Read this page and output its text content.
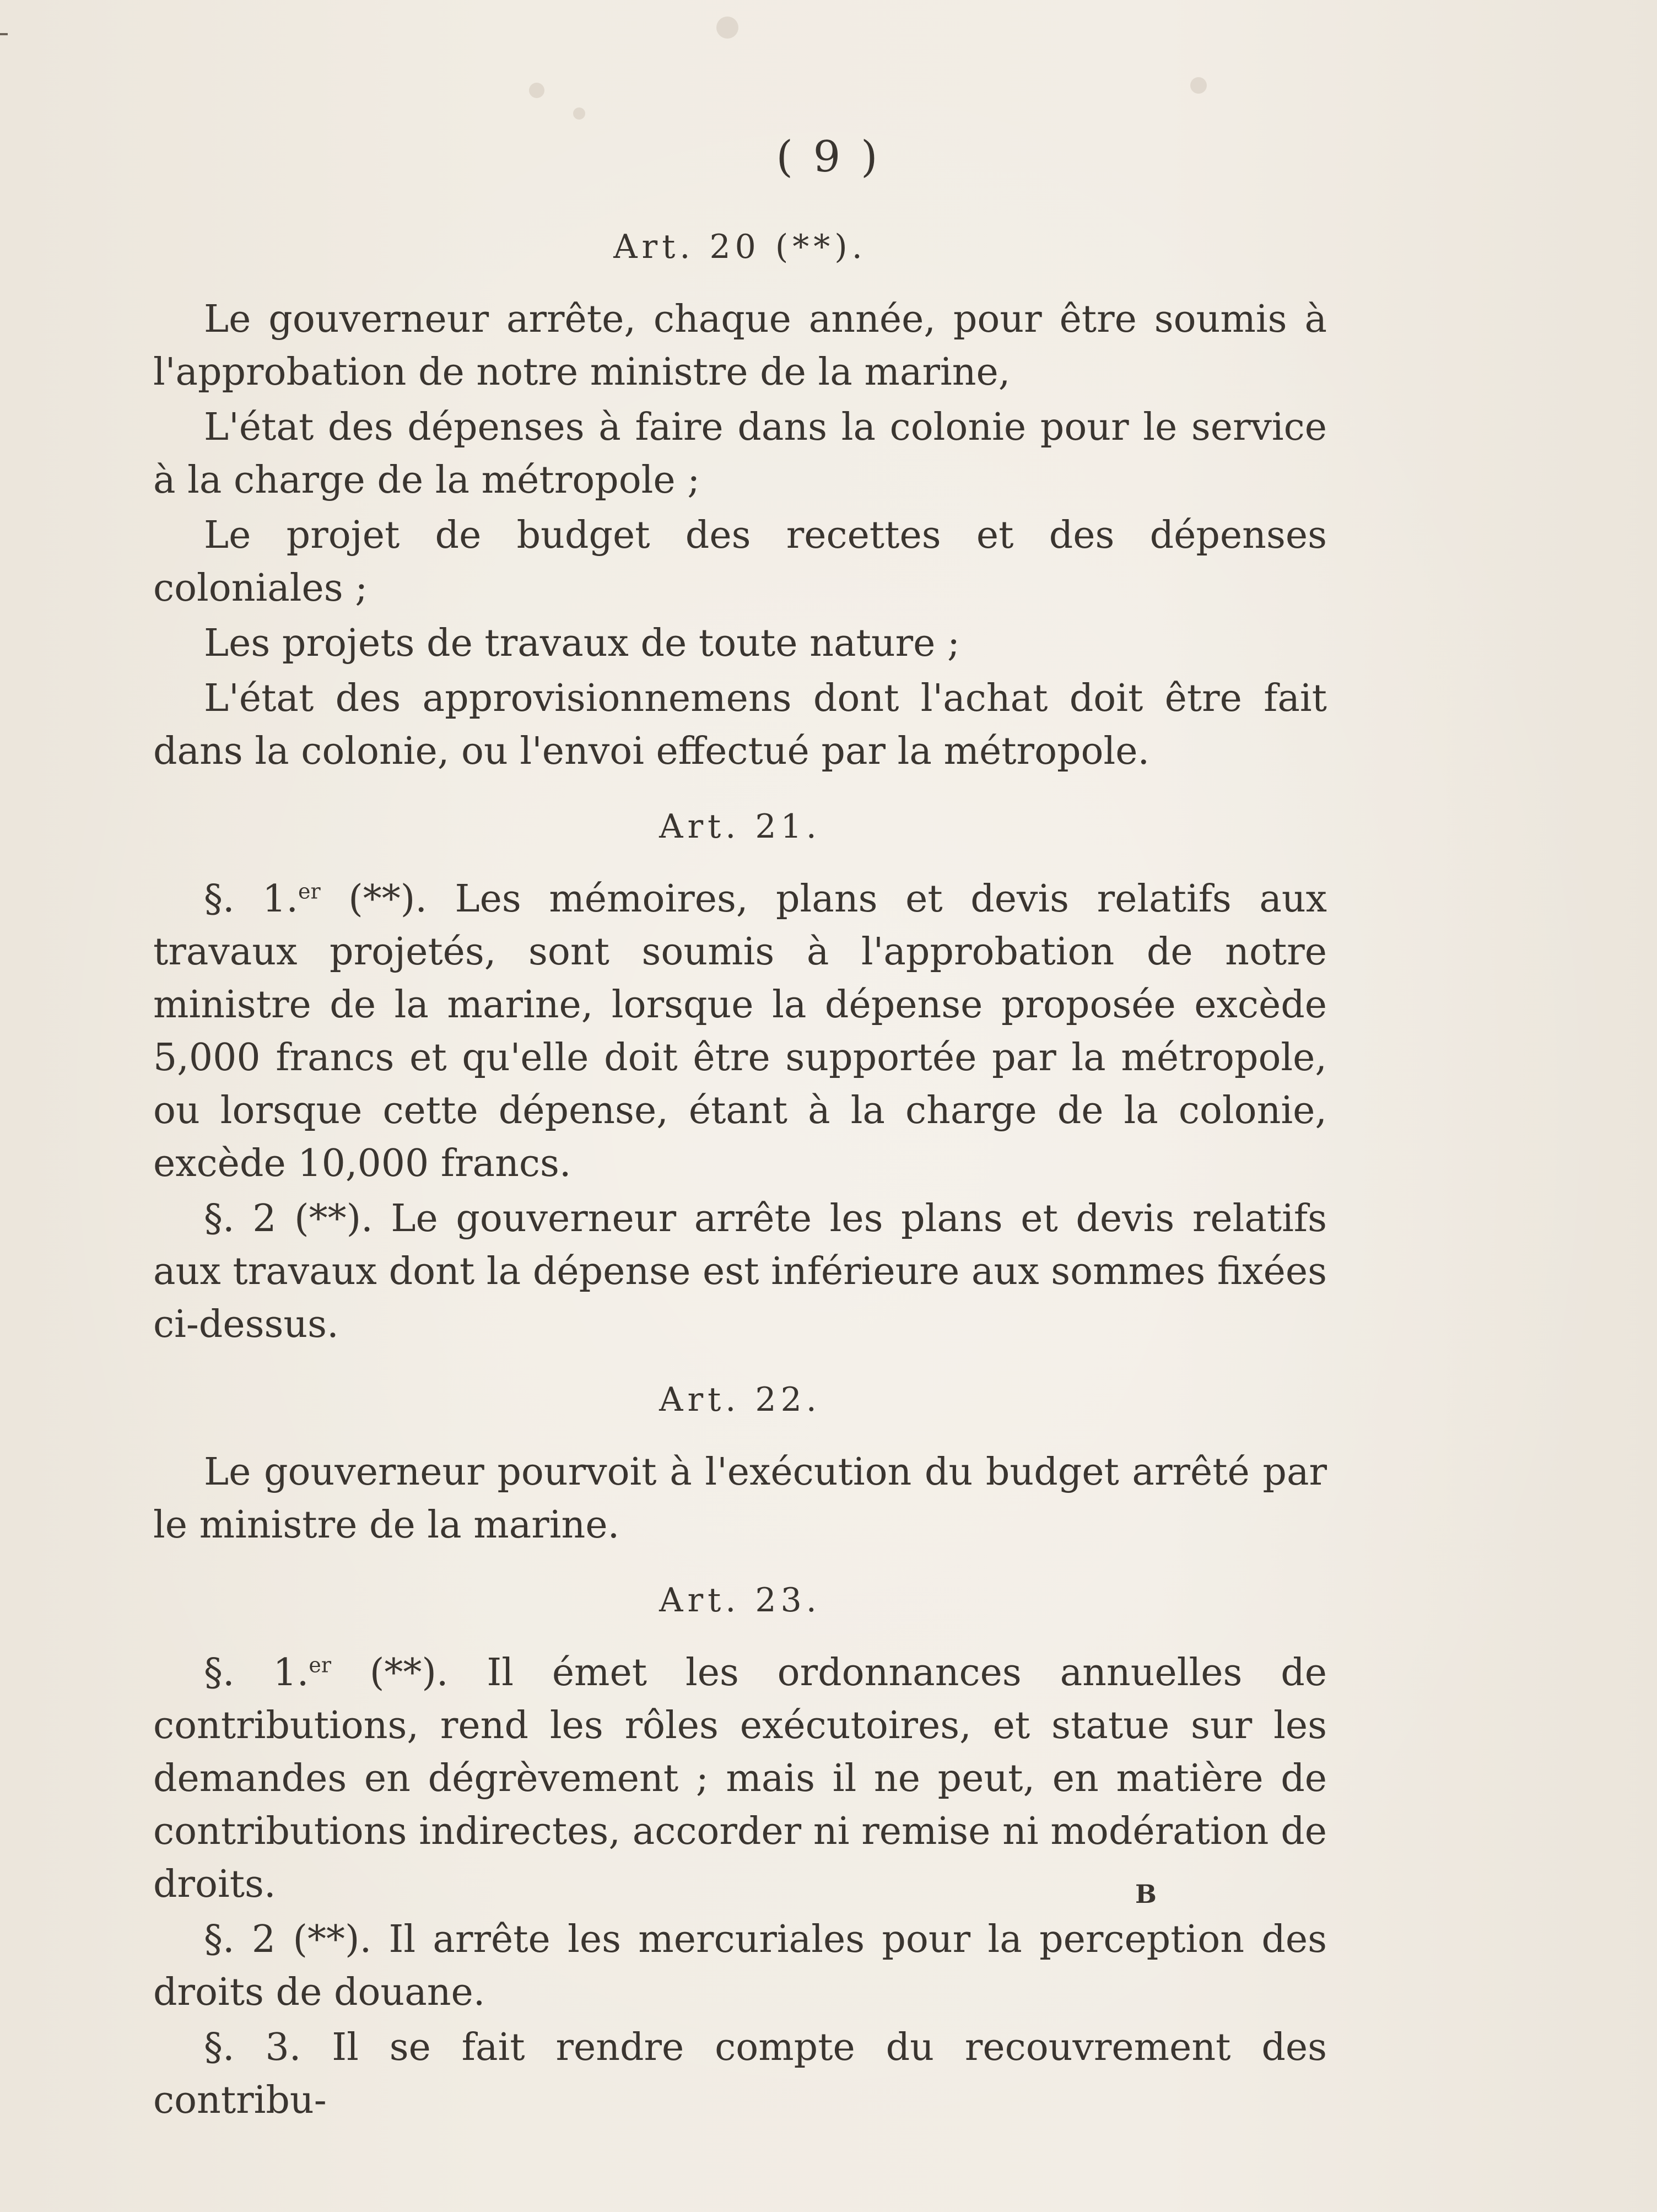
( 9 )
Art. 20 (**).

Le gouverneur arrête, chaque année, pour être soumis à l'approbation de notre ministre de la marine,

L'état des dépenses à faire dans la colonie pour le service à la charge de la métropole ;

Le projet de budget des recettes et des dépenses coloniales ;

Les projets de travaux de toute nature ;

L'état des approvisionnemens dont l'achat doit être fait dans la colonie, ou l'envoi effectué par la métropole.

Art. 21.

§. 1.$^{er}$ (**). Les mémoires, plans et devis relatifs aux travaux projetés, sont soumis à l'approbation de notre ministre de la marine, lorsque la dépense proposée excède 5,000 francs et qu'elle doit être supportée par la métropole, ou lorsque cette dépense, étant à la charge de la colonie, excède 10,000 francs.

§. 2 (**). Le gouverneur arrête les plans et devis relatifs aux travaux dont la dépense est inférieure aux sommes fixées ci-dessus.

Art. 22.

Le gouverneur pourvoit à l'exécution du budget arrêté par le ministre de la marine.

Art. 23.

§. 1.$^{er}$ (**). Il émet les ordonnances annuelles de contributions, rend les rôles exécutoires, et statue sur les demandes en dégrèvement ; mais il ne peut, en matière de contributions indirectes, accorder ni remise ni modération de droits.

§. 2 (**). Il arrête les mercuriales pour la perception des droits de douane.

§. 3. Il se fait rendre compte du recouvrement des contribu-

B
